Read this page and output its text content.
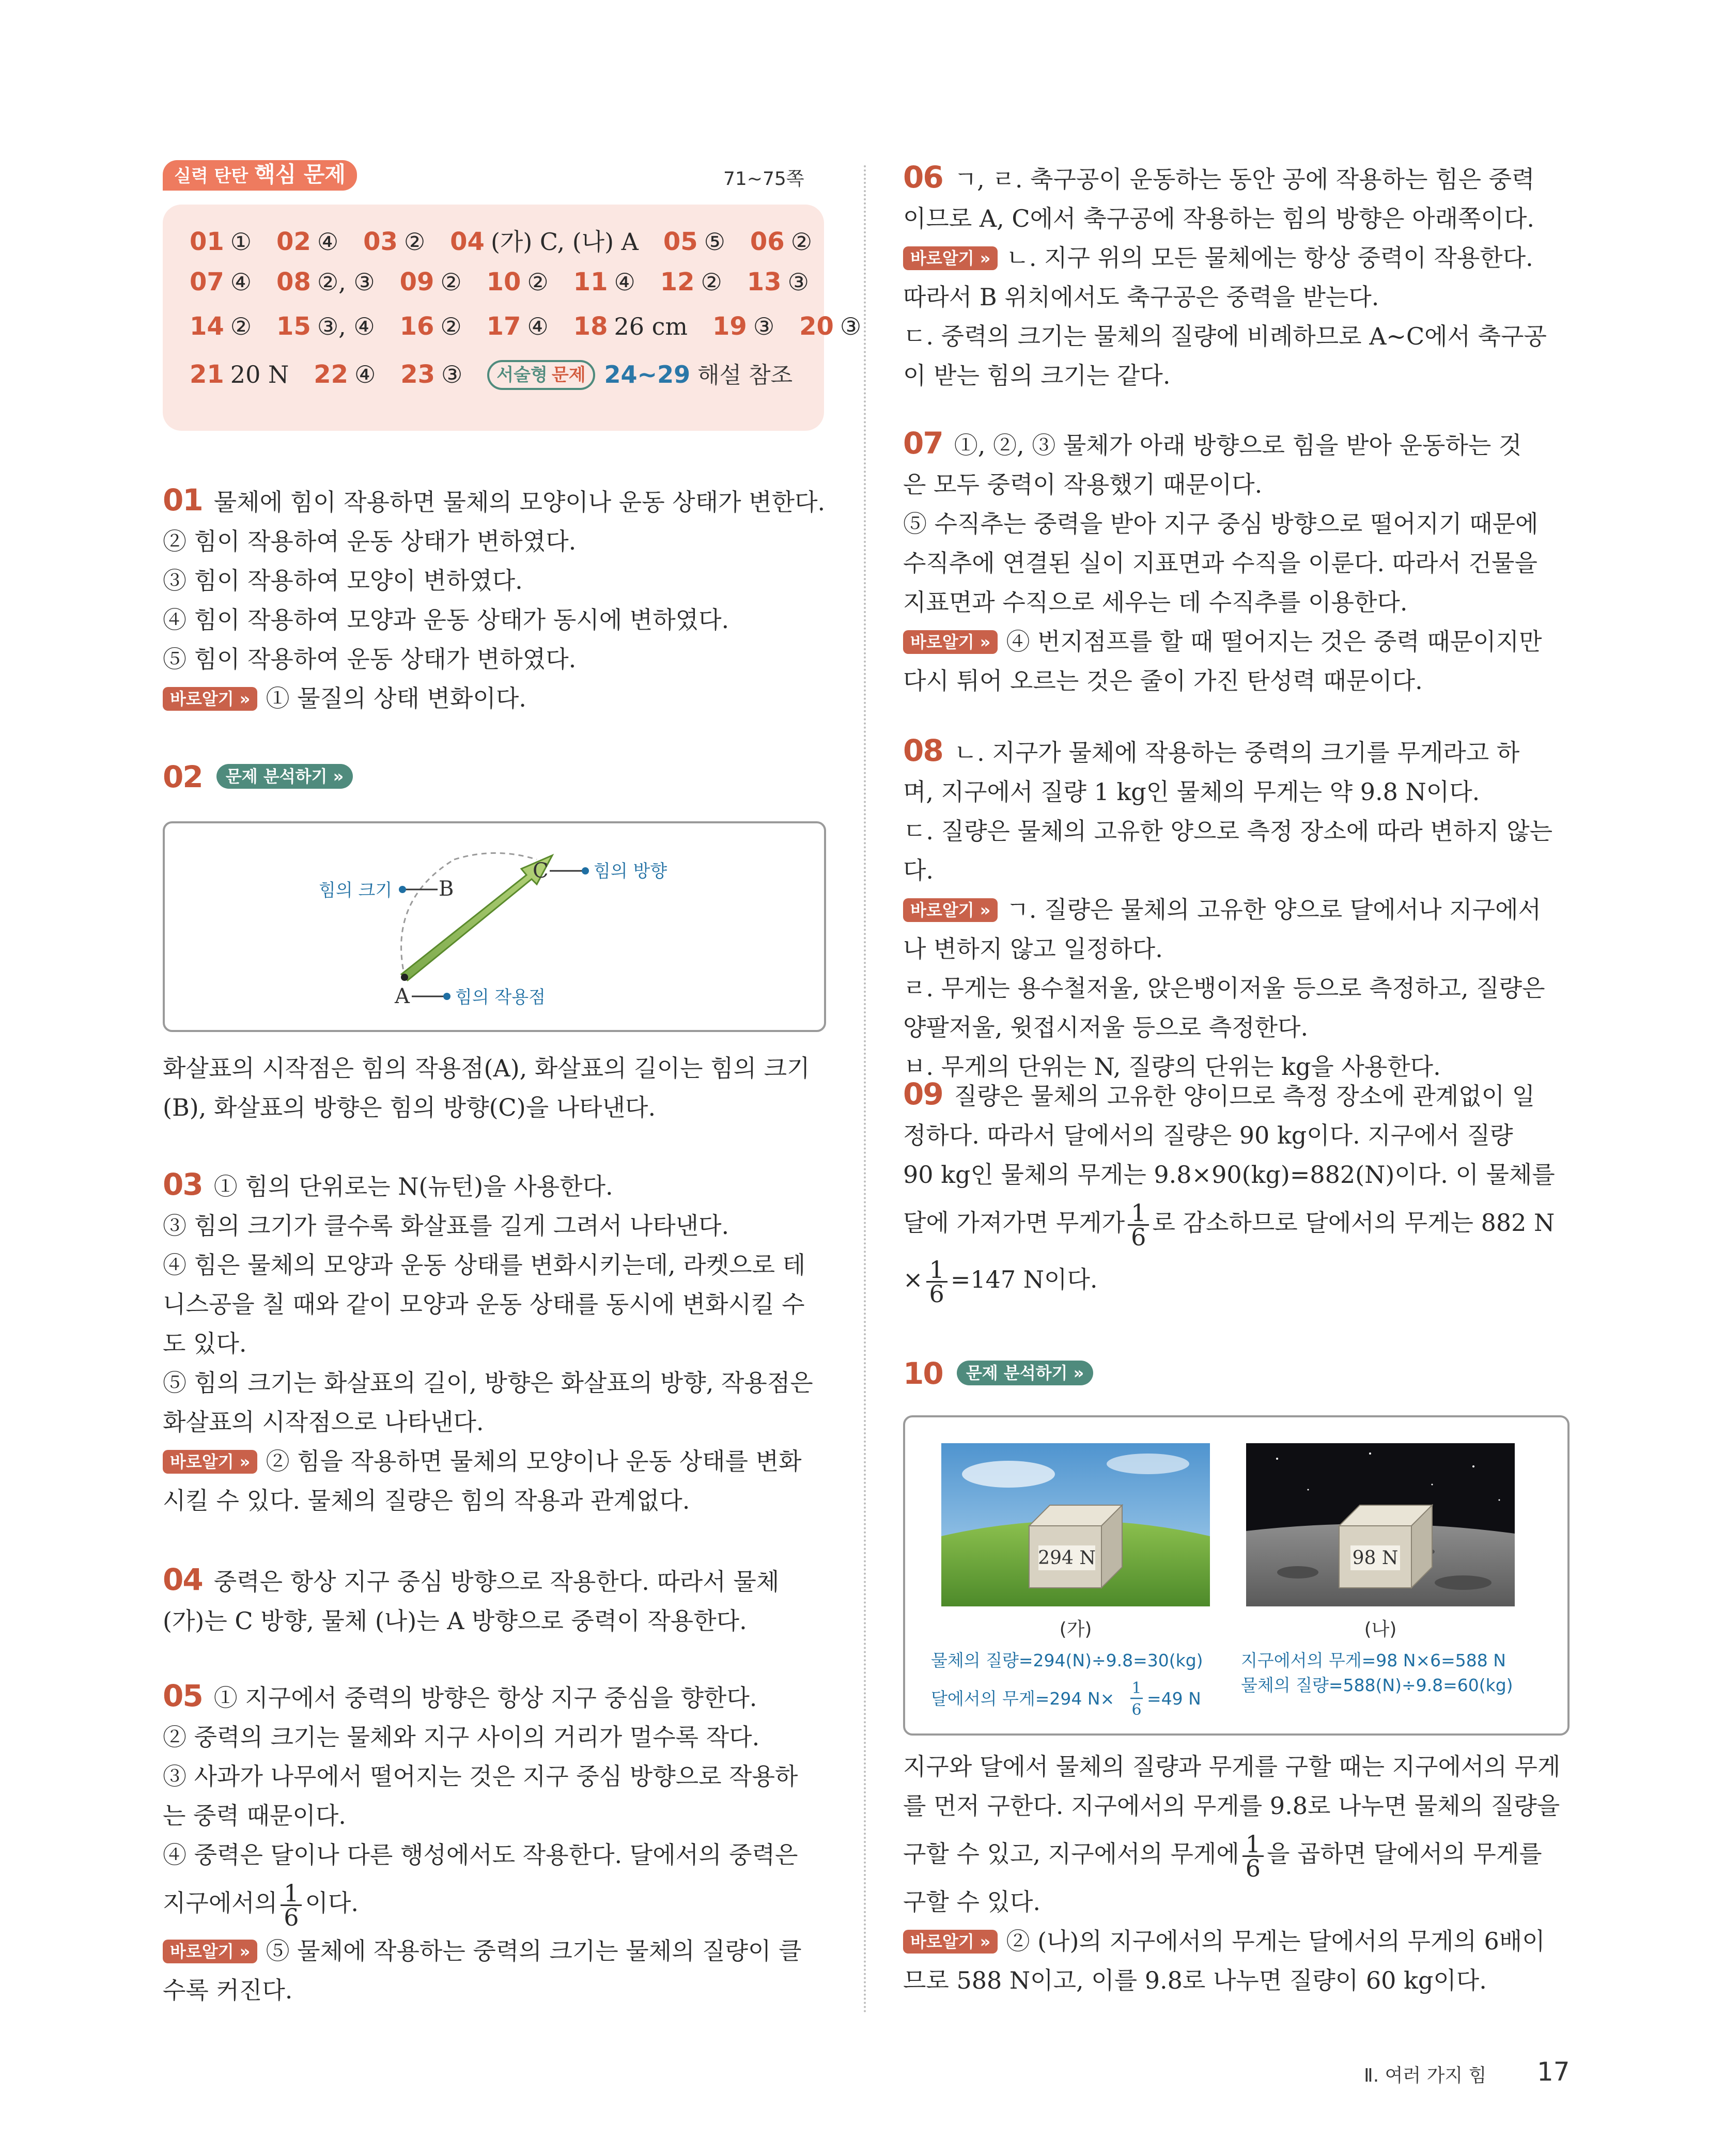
실력 탄탄 핵심 문제	71~75쪽
01 ① 02 ④ 03 ② 04 (가) C, (나) A 05 ⑤ 06 ②
07 ④ 08 ②, ③ 09 ② 10 ② 11 ④ 12 ② 13 ③
14 ② 15 ③, ④ 16 ② 17 ④ 18 26 cm 19 ③ 20 ③
21 20 N 22 ④ 23 ③ 서술형 문제 24~29 해설 참조

01 물체에 힘이 작용하면 물체의 모양이나 운동 상태가 변한다.

② 힘이 작용하여 운동 상태가 변하였다.

③ 힘이 작용하여 모양이 변하였다.

④ 힘이 작용하여 모양과 운동 상태가 동시에 변하였다.

⑤ 힘이 작용하여 운동 상태가 변하였다.

바로알기 » ① 물질의 상태 변화이다.

02 문제 분석하기 »
A	힘의 작용점
B
힘의 크기
C	힘의 방향

화살표의 시작점은 힘의 작용점(A), 화살표의 길이는 힘의 크기

(B), 화살표의 방향은 힘의 방향(C)을 나타낸다.

03 ① 힘의 단위로는 N(뉴턴)을 사용한다.

③ 힘의 크기가 클수록 화살표를 길게 그려서 나타낸다.

④ 힘은 물체의 모양과 운동 상태를 변화시키는데, 라켓으로 테

니스공을 칠 때와 같이 모양과 운동 상태를 동시에 변화시킬 수

도 있다.

⑤ 힘의 크기는 화살표의 길이, 방향은 화살표의 방향, 작용점은

화살표의 시작점으로 나타낸다.

바로알기 » ② 힘을 작용하면 물체의 모양이나 운동 상태를 변화

시킬 수 있다. 물체의 질량은 힘의 작용과 관계없다.

04 중력은 항상 지구 중심 방향으로 작용한다. 따라서 물체

(가)는 C 방향, 물체 (나)는 A 방향으로 중력이 작용한다.

05 ① 지구에서 중력의 방향은 항상 지구 중심을 향한다.

② 중력의 크기는 물체와 지구 사이의 거리가 멀수록 작다.

③ 사과가 나무에서 떨어지는 것은 지구 중심 방향으로 작용하

는 중력 때문이다.

④ 중력은 달이나 다른 행성에서도 작용한다. 달에서의 중력은

지구에서의 $\frac{1}{6}$ 이다.

바로알기 » ⑤ 물체에 작용하는 중력의 크기는 물체의 질량이 클

수록 커진다.

06 ㄱ, ㄹ. 축구공이 운동하는 동안 공에 작용하는 힘은 중력

이므로 A, C에서 축구공에 작용하는 힘의 방향은 아래쪽이다.

바로알기 » ㄴ. 지구 위의 모든 물체에는 항상 중력이 작용한다.

따라서 B 위치에서도 축구공은 중력을 받는다.

ㄷ. 중력의 크기는 물체의 질량에 비례하므로 A~C에서 축구공

이 받는 힘의 크기는 같다.

07 ①, ②, ③ 물체가 아래 방향으로 힘을 받아 운동하는 것

은 모두 중력이 작용했기 때문이다.

⑤ 수직추는 중력을 받아 지구 중심 방향으로 떨어지기 때문에

수직추에 연결된 실이 지표면과 수직을 이룬다. 따라서 건물을

지표면과 수직으로 세우는 데 수직추를 이용한다.

바로알기 » ④ 번지점프를 할 때 떨어지는 것은 중력 때문이지만

다시 튀어 오르는 것은 줄이 가진 탄성력 때문이다.

08 ㄴ. 지구가 물체에 작용하는 중력의 크기를 무게라고 하

며, 지구에서 질량 1 kg인 물체의 무게는 약 9.8 N이다.

ㄷ. 질량은 물체의 고유한 양으로 측정 장소에 따라 변하지 않는다.

바로알기 » ㄱ. 질량은 물체의 고유한 양으로 달에서나 지구에서

나 변하지 않고 일정하다.

ㄹ. 무게는 용수철저울, 앉은뱅이저울 등으로 측정하고, 질량은

양팔저울, 윗접시저울 등으로 측정한다.

ㅂ. 무게의 단위는 N, 질량의 단위는 kg을 사용한다.

09 질량은 물체의 고유한 양이므로 측정 장소에 관계없이 일

정하다. 따라서 달에서의 질량은 90 kg이다. 지구에서 질량

90 kg인 물체의 무게는 9.8×90(kg)=882(N)이다. 이 물체를

달에 가져가면 무게가 $\frac{1}{6}$ 로 감소하므로 달에서의 무게는 882 N

× $\frac{1}{6} =147$ N이다.

10 문제 분석하기 »
294 N	98 N
(가)	(나)
물체의 질량=294(N)÷9.8=30(kg)
달에서의 무게=294 N×
1
6
=49 N
지구에서의 무게=98 N×6=588 N
물체의 질량=588(N)÷9.8=60(kg)

지구와 달에서 물체의 질량과 무게를 구할 때는 지구에서의 무게

를 먼저 구한다. 지구에서의 무게를 9.8로 나누면 물체의 질량을

구할 수 있고, 지구에서의 무게에 $\frac{1}{6}$ 을 곱하면 달에서의 무게를

구할 수 있다.

바로알기 » ② (나)의 지구에서의 무게는 달에서의 무게의 6배이

므로 588 N이고, 이를 9.8로 나누면 질량이 60 kg이다.

Ⅱ. 여러 가지 힘 17
